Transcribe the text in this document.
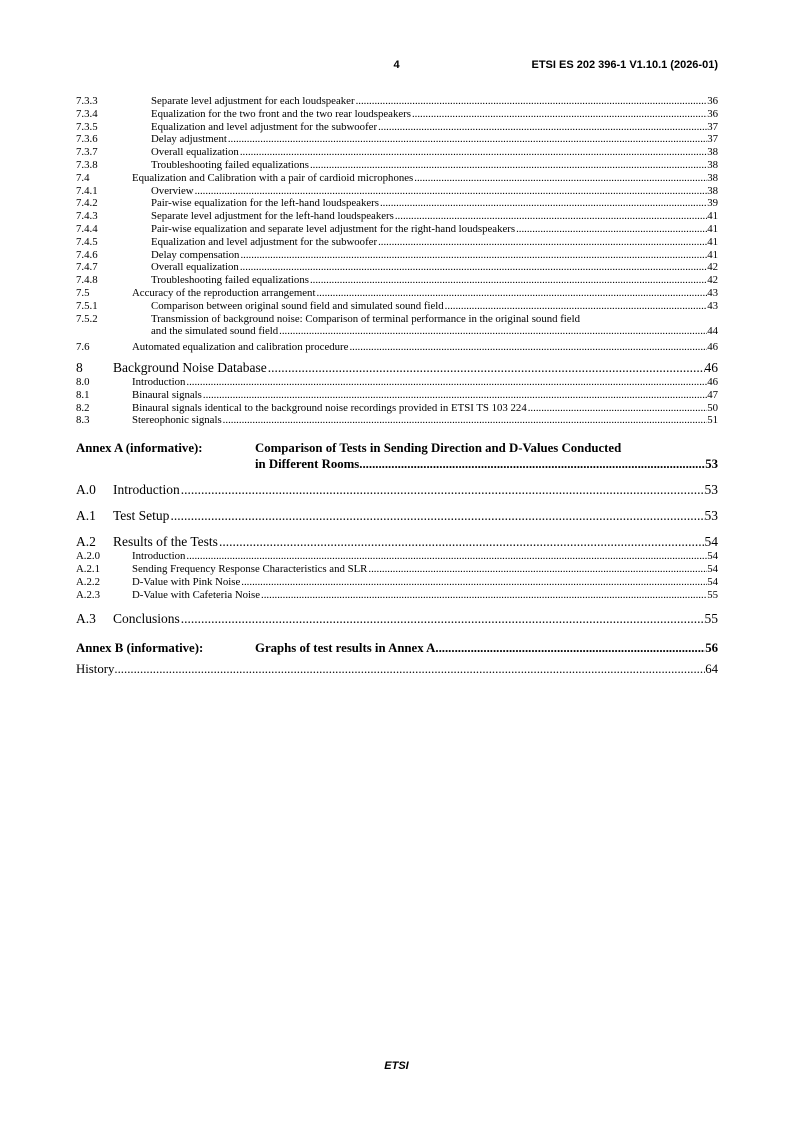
4	ETSI ES 202 396-1 V1.10.1 (2026-01)
7.3.3	Separate level adjustment for each loudspeaker .....	36
7.3.4	Equalization for the two front and the two rear loudspeakers .....	36
7.3.5	Equalization and level adjustment for the subwoofer .....	37
7.3.6	Delay adjustment .....	37
7.3.7	Overall equalization .....	38
7.3.8	Troubleshooting failed equalizations .....	38
7.4	Equalization and Calibration with a pair of cardioid microphones .....	38
7.4.1	Overview .....	38
7.4.2	Pair-wise equalization for the left-hand loudspeakers .....	39
7.4.3	Separate level adjustment for the left-hand loudspeakers .....	41
7.4.4	Pair-wise equalization and separate level adjustment for the right-hand loudspeakers .....	41
7.4.5	Equalization and level adjustment for the subwoofer .....	41
7.4.6	Delay compensation .....	41
7.4.7	Overall equalization .....	42
7.4.8	Troubleshooting failed equalizations .....	42
7.5	Accuracy of the reproduction arrangement .....	43
7.5.1	Comparison between original sound field and simulated sound field .....	43
7.5.2	Transmission of background noise: Comparison of terminal performance in the original sound field
and the simulated sound field .....	44
7.6	Automated equalization and calibration procedure .....	46
8 Background Noise Database .....	46
8.0	Introduction .....	46
8.1	Binaural signals .....	47
8.2	Binaural signals identical to the background noise recordings provided in ETSI TS 103 224 .....	50
8.3	Stereophonic signals .....	51
Annex A (informative):	Comparison of Tests in Sending Direction and D-Values Conducted
in Different Rooms .....	53
A.0 Introduction .....	53
A.1 Test Setup .....	53
A.2 Results of the Tests .....	54
A.2.0	Introduction .....	54
A.2.1	Sending Frequency Response Characteristics and SLR .....	54
A.2.2	D-Value with Pink Noise .....	54
A.2.3	D-Value with Cafeteria Noise .....	55
A.3 Conclusions .....	55
Annex B (informative):	Graphs of test results in Annex A .....	56
History .....	64
ETSI
